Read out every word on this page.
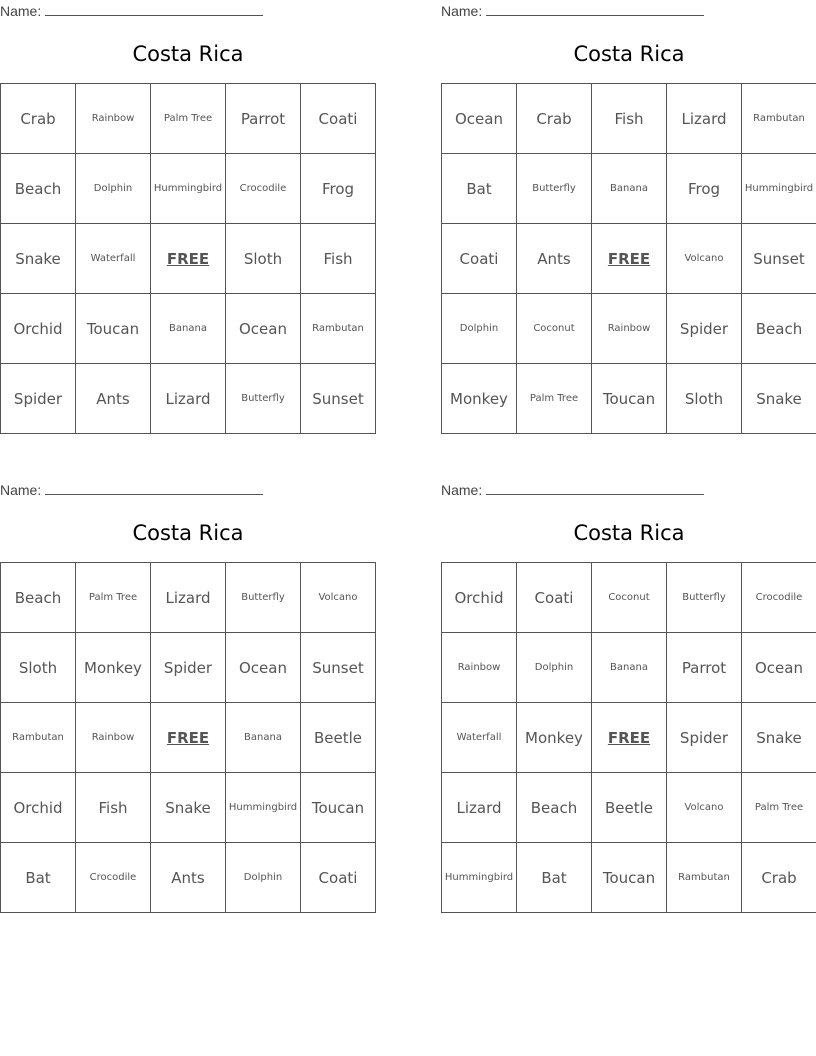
Name:
Costa Rica
Crab	Rainbow	Palm Tree	Parrot	Coati
Beach	Dolphin	Hummingbird	Crocodile	Frog
Snake	Waterfall	FREE	Sloth	Fish
Orchid	Toucan	Banana	Ocean	Rambutan
Spider	Ants	Lizard	Butterfly	Sunset
Name:
Costa Rica
Ocean	Crab	Fish	Lizard	Rambutan
Bat	Butterfly	Banana	Frog	Hummingbird
Coati	Ants	FREE	Volcano	Sunset
Dolphin	Coconut	Rainbow	Spider	Beach
Monkey	Palm Tree	Toucan	Sloth	Snake
Name:
Costa Rica
Beach	Palm Tree	Lizard	Butterfly	Volcano
Sloth	Monkey	Spider	Ocean	Sunset
Rambutan	Rainbow	FREE	Banana	Beetle
Orchid	Fish	Snake	Hummingbird	Toucan
Bat	Crocodile	Ants	Dolphin	Coati
Name:
Costa Rica
Orchid	Coati	Coconut	Butterfly	Crocodile
Rainbow	Dolphin	Banana	Parrot	Ocean
Waterfall	Monkey	FREE	Spider	Snake
Lizard	Beach	Beetle	Volcano	Palm Tree
Hummingbird	Bat	Toucan	Rambutan	Crab
